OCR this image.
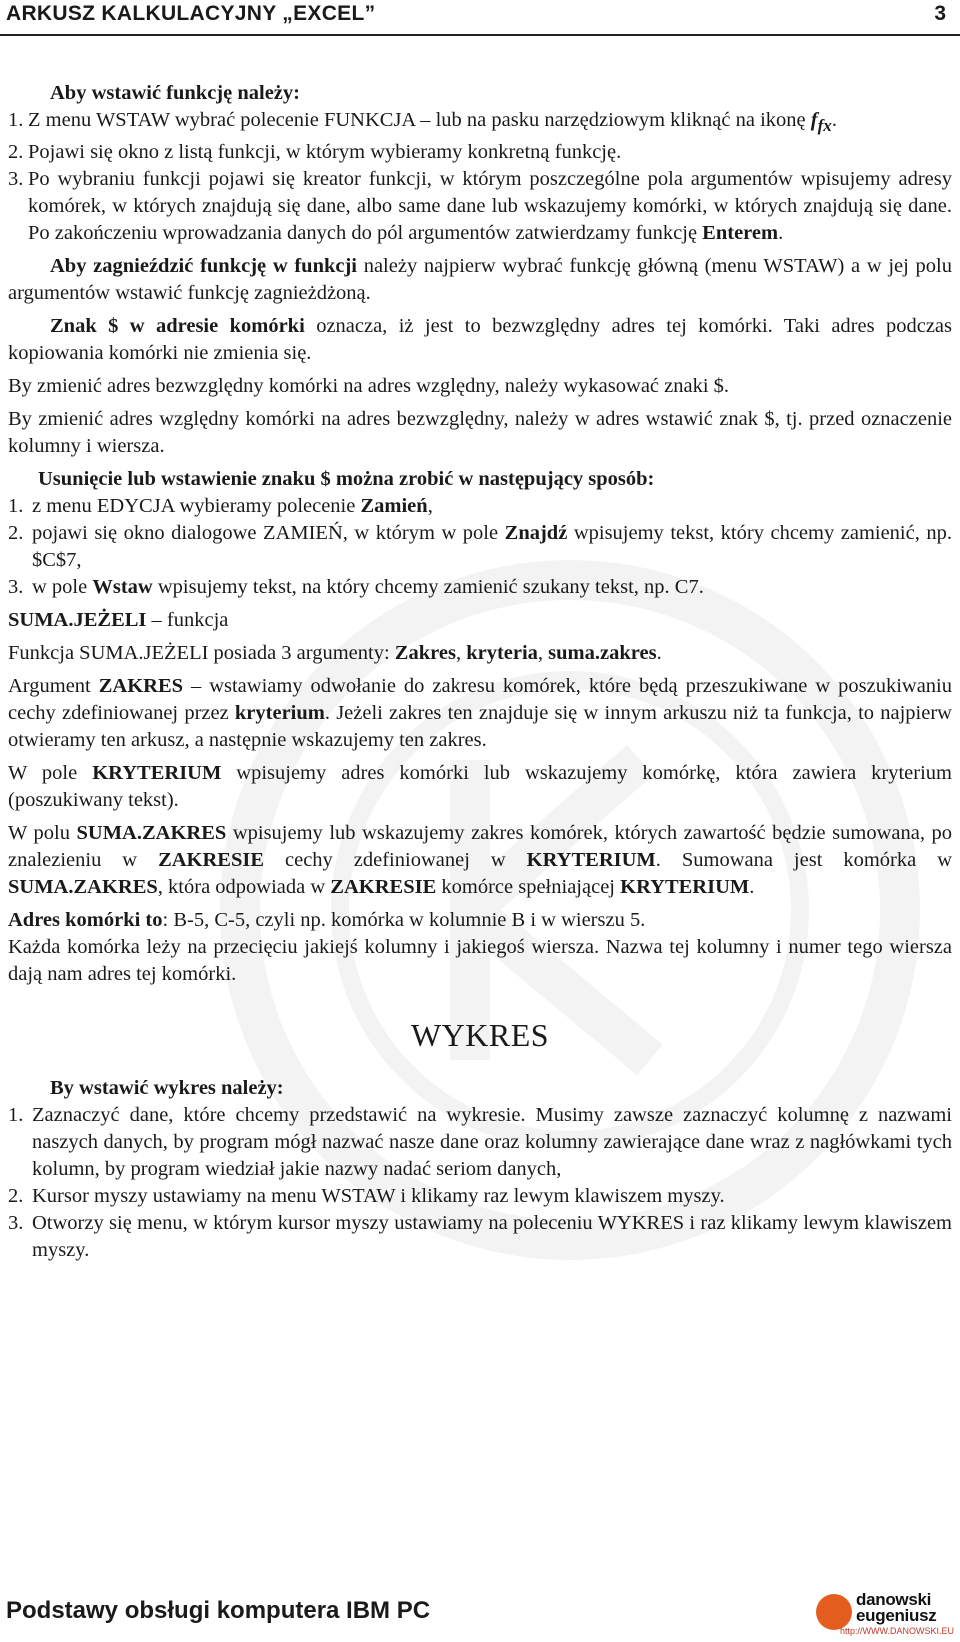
ARKUSZ KALKULACYJNY „EXCEL”	3

Aby wstawić funkcję należy:

1. Z menu WSTAW wybrać polecenie FUNKCJA – lub na pasku narzędziowym kliknąć na ikonę $f_{fx}$.
2. Pojawi się okno z listą funkcji, w którym wybieramy konkretną funkcję.
3. Po wybraniu funkcji pojawi się kreator funkcji, w którym poszczególne pola argumentów wpisujemy adresy komórek, w których znajdują się dane, albo same dane lub wskazujemy komórki, w których znajdują się dane. Po zakończeniu wprowadzania danych do pól argumentów zatwierdzamy funkcję Enterem.

Aby zagnieździć funkcję w funkcji należy najpierw wybrać funkcję główną (menu WSTAW) a w jej polu argumentów wstawić funkcję zagnieżdżoną.

Znak $ w adresie komórki oznacza, iż jest to bezwzględny adres tej komórki. Taki adres podczas kopiowania komórki nie zmienia się.

By zmienić adres bezwzględny komórki na adres względny, należy wykasować znaki $.

By zmienić adres względny komórki na adres bezwzględny, należy w adres wstawić znak $, tj. przed oznaczenie kolumny i wiersza.

Usunięcie lub wstawienie znaku $ można zrobić w następujący sposób:

1. z menu EDYCJA wybieramy polecenie Zamień,
2. pojawi się okno dialogowe ZAMIEŃ, w którym w pole Znajdź wpisujemy tekst, który chcemy zamienić, np. $C$7,
3. w pole Wstaw wpisujemy tekst, na który chcemy zamienić szukany tekst, np. C7.

SUMA.JEŻELI – funkcja

Funkcja SUMA.JEŻELI posiada 3 argumenty: Zakres, kryteria, suma.zakres.

Argument ZAKRES – wstawiamy odwołanie do zakresu komórek, które będą przeszukiwane w poszukiwaniu cechy zdefiniowanej przez kryterium. Jeżeli zakres ten znajduje się w innym arkuszu niż ta funkcja, to najpierw otwieramy ten arkusz, a następnie wskazujemy ten zakres.

W pole KRYTERIUM wpisujemy adres komórki lub wskazujemy komórkę, która zawiera kryterium (poszukiwany tekst).

W polu SUMA.ZAKRES wpisujemy lub wskazujemy zakres komórek, których zawartość będzie sumowana, po znalezieniu w ZAKRESIE cechy zdefiniowanej w KRYTERIUM. Sumowana jest komórka w SUMA.ZAKRES, która odpowiada w ZAKRESIE komórce spełniającej KRYTERIUM.

Adres komórki to: B-5, C-5, czyli np. komórka w kolumnie B i w wierszu 5.

Każda komórka leży na przecięciu jakiejś kolumny i jakiegoś wiersza. Nazwa tej kolumny i numer tego wiersza dają nam adres tej komórki.

WYKRES

By wstawić wykres należy:

1. Zaznaczyć dane, które chcemy przedstawić na wykresie. Musimy zawsze zaznaczyć kolumnę z nazwami naszych danych, by program mógł nazwać nasze dane oraz kolumny zawierające dane wraz z nagłówkami tych kolumn, by program wiedział jakie nazwy nadać seriom danych,
2. Kursor myszy ustawiamy na menu WSTAW i klikamy raz lewym klawiszem myszy.
3. Otworzy się menu, w którym kursor myszy ustawiamy na poleceniu WYKRES i raz klikamy lewym klawiszem myszy.
Podstawy obsługi komputera IBM PC	danowski
eugeniusz
http://WWW.DANOWSKI.EU
